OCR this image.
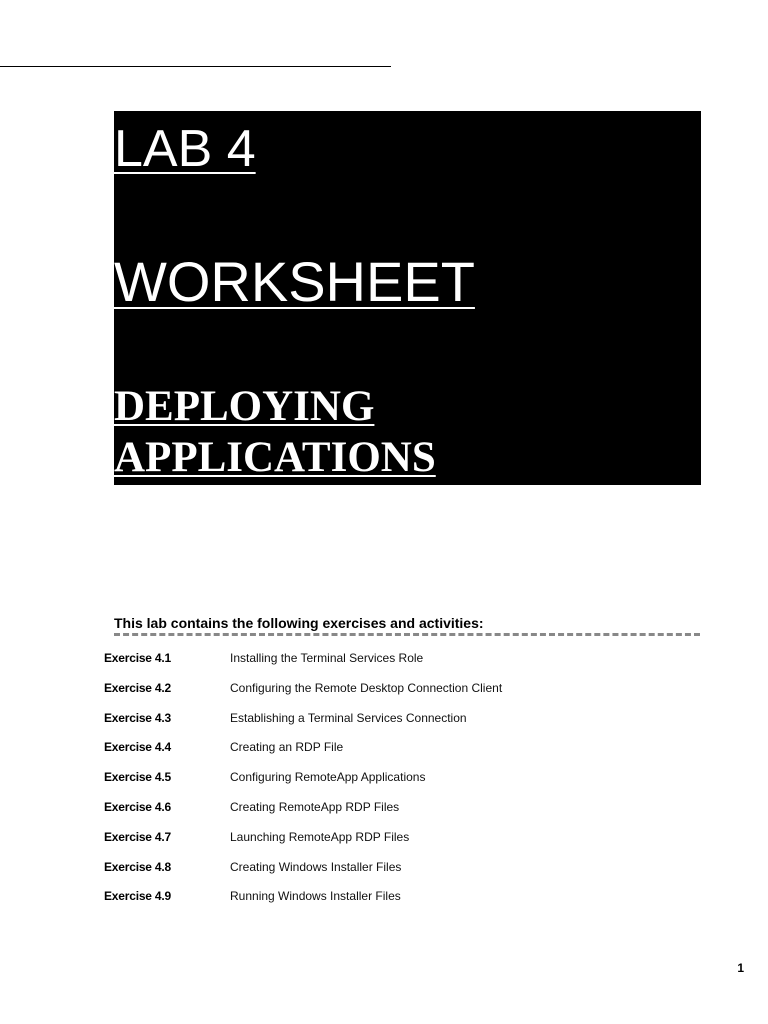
LAB 4
WORKSHEET
DEPLOYING
APPLICATIONS

This lab contains the following exercises and activities:

Exercise 4.1	Installing the Terminal Services Role
Exercise 4.2	Configuring the Remote Desktop Connection Client
Exercise 4.3	Establishing a Terminal Services Connection
Exercise 4.4	Creating an RDP File
Exercise 4.5	Configuring RemoteApp Applications
Exercise 4.6	Creating RemoteApp RDP Files
Exercise 4.7	Launching RemoteApp RDP Files
Exercise 4.8	Creating Windows Installer Files
Exercise 4.9	Running Windows Installer Files
1
